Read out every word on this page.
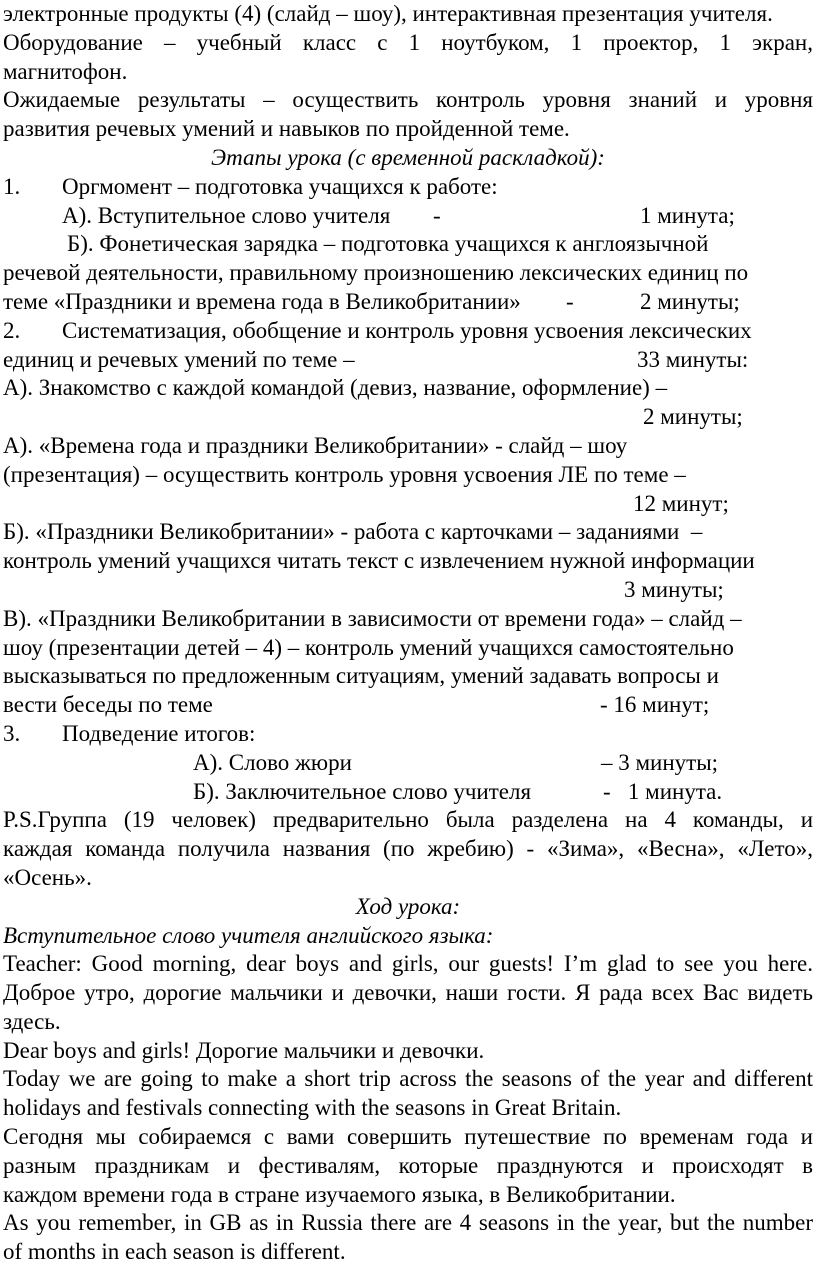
электронные продукты (4) (слайд – шоу), интерактивная презентация учителя.

Оборудование – учебный класс с 1 ноутбуком, 1 проектор, 1 экран,

магнитофон.

Ожидаемые результаты – осуществить контроль уровня знаний и уровня

развития речевых умений и навыков по пройденной теме.

Этапы урока (с временной раскладкой):

1.

Оргмомент – подготовка учащихся к работе:

А). Вступительное слово учителя

-

	1 минута;

Б). Фонетическая зарядка – подготовка учащихся к англоязычной

речевой деятельности, правильному произношению лексических единиц по

теме «Праздники и времена года в Великобритании»

-

	2 минуты;

2.

Систематизация, обобщение и контроль уровня усвоения лексических

единиц и речевых умений по теме –

	33 минуты:

А). Знакомство с каждой командой (девиз, название, оформление) –

2 минуты;

А). «Времена года и праздники Великобритании» - слайд – шоу

(презентация) – осуществить контроль уровня усвоения ЛЕ по теме –

12 минут;

Б). «Праздники Великобритании» - работа с карточками – заданиями  –

контроль умений учащихся читать текст с извлечением нужной информации

3 минуты;

В). «Праздники Великобритании в зависимости от времени года» – слайд –

шоу (презентации детей – 4) – контроль умений учащихся самостоятельно

высказываться по предложенным ситуациям, умений задавать вопросы и

вести беседы по теме

	- 16 минут;

3.

Подведение итогов:

А). Слово жюри

	– 3 минуты;

Б). Заключительное слово учителя

	-   1 минута.

P.S.Группа (19 человек) предварительно была разделена на 4 команды, и

каждая команда получила названия (по жребию) - «Зима», «Весна», «Лето»,

«Осень».

Ход урока:

Вступительное слово учителя английского языка:

Teacher: Good morning, dear boys and girls, our guests! I’m glad to see you here.

Доброе утро, дорогие мальчики и девочки, наши гости. Я рада всех Вас видеть

здесь.

Dear boys and girls! Дорогие мальчики и девочки.

Today we are going to make a short trip across the seasons of the year and different

holidays and festivals connecting with the seasons in Great Britain.

Сегодня мы собираемся с вами совершить путешествие по временам года и

разным праздникам и фестивалям, которые празднуются и происходят в

каждом времени года в стране изучаемого языка, в Великобритании.

As you remember, in GB as in Russia there are 4 seasons in the year, but the number

of months in each season is different.
